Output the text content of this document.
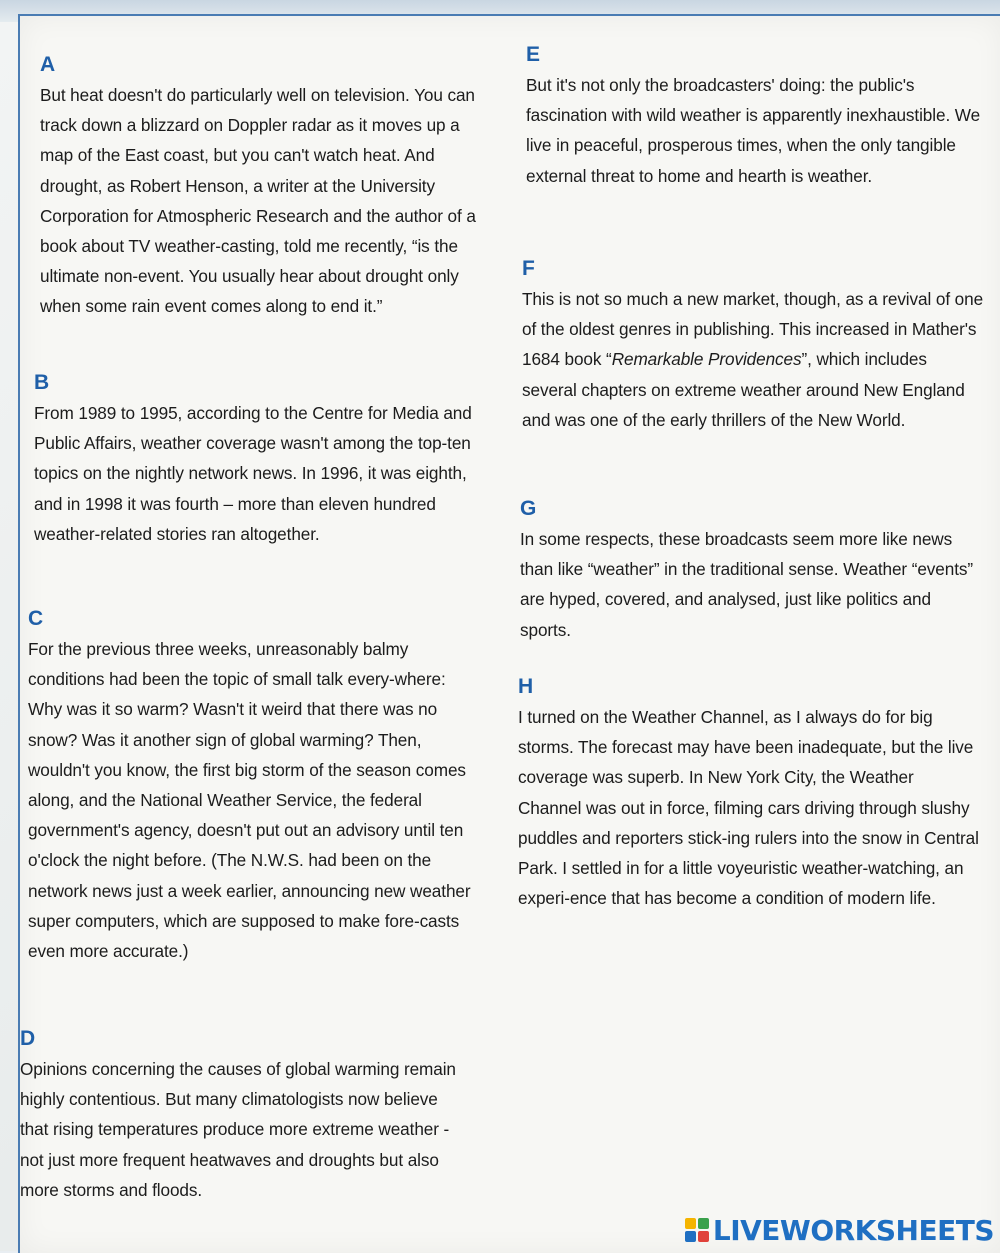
A

But heat doesn't do particularly well on television. You can track down a blizzard on Doppler radar as it moves up a map of the East coast, but you can't watch heat. And drought, as Robert Henson, a writer at the University Corporation for Atmospheric Research and the author of a book about TV weather-casting, told me recently, “is the ultimate non-event. You usually hear about drought only when some rain event comes along to end it.”

B

From 1989 to 1995, according to the Centre for Media and Public Affairs, weather coverage wasn't among the top-ten topics on the nightly network news. In 1996, it was eighth, and in 1998 it was fourth – more than eleven hundred weather-related stories ran altogether.

C

For the previous three weeks, unreasonably balmy conditions had been the topic of small talk every-where: Why was it so warm? Wasn't it weird that there was no snow? Was it another sign of global warming? Then, wouldn't you know, the first big storm of the season comes along, and the National Weather Service, the federal government's agency, doesn't put out an advisory until ten o'clock the night before. (The N.W.S. had been on the network news just a week earlier, announcing new weather super computers, which are supposed to make fore-casts even more accurate.)

D

Opinions concerning the causes of global warming remain highly contentious. But many climatologists now believe that rising temperatures produce more extreme weather - not just more frequent heatwaves and droughts but also more storms and floods.

E

But it's not only the broadcasters' doing: the public's fascination with wild weather is apparently inexhaustible. We live in peaceful, prosperous times, when the only tangible external threat to home and hearth is weather.

F

This is not so much a new market, though, as a revival of one of the oldest genres in publishing. This increased in Mather's 1684 book “Remarkable Providences”, which includes several chapters on extreme weather around New England and was one of the early thrillers of the New World.

G

In some respects, these broadcasts seem more like news than like “weather” in the traditional sense. Weather “events” are hyped, covered, and analysed, just like politics and sports.

H

I turned on the Weather Channel, as I always do for big storms. The forecast may have been inadequate, but the live coverage was superb. In New York City, the Weather Channel was out in force, filming cars driving through slushy puddles and reporters stick-ing rulers into the snow in Central Park. I settled in for a little voyeuristic weather-watching, an experi-ence that has become a condition of modern life.

LIVEWORKSHEETS
